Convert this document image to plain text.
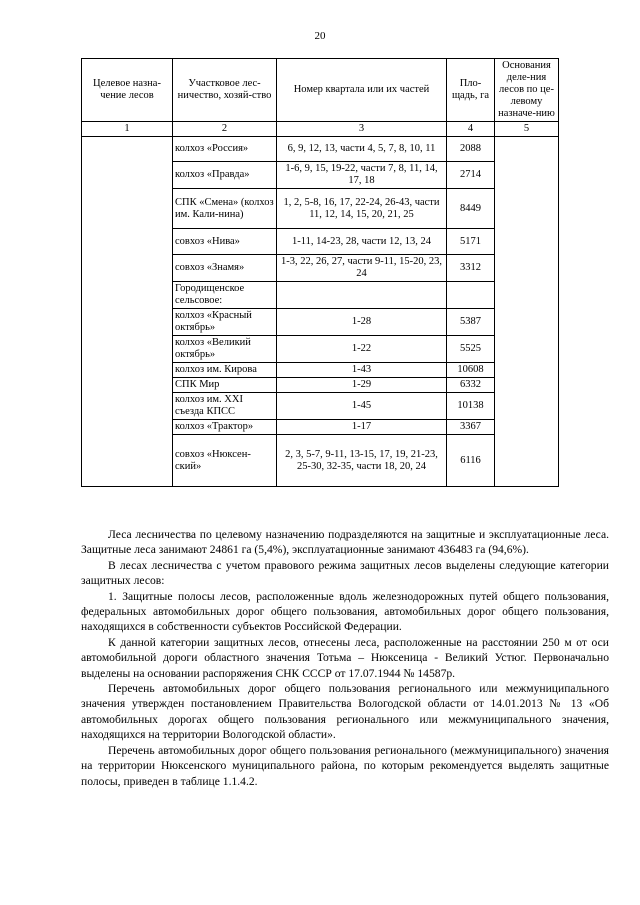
20
Целевое назна-чение лесов	Участковое лес-ничество, хозяй-ство	Номер квартала или их частей	Пло-щадь, га	Основания деле-ния лесов по це-левому назначе-нию
1	2	3	4	5
	колхоз «Россия»	6, 9, 12, 13, части 4, 5, 7, 8, 10, 11	2088	
	колхоз «Правда»	1-6, 9, 15, 19-22, части 7, 8, 11, 14, 17, 18	2714	
	СПК «Смена» (колхоз им. Кали-нина)	1, 2, 5-8, 16, 17, 22-24, 26-43, части 11, 12, 14, 15, 20, 21, 25	8449	
	совхоз «Нива»	1-11, 14-23, 28, части 12, 13, 24	5171	
	совхоз «Знамя»	1-3, 22, 26, 27, части 9-11, 15-20, 23, 24	3312	
	Городищенское сельсовое:			
	колхоз «Красный октябрь»	1-28	5387	
	колхоз «Великий октябрь»	1-22	5525	
	колхоз им. Кирова	1-43	10608	
	СПК Мир	1-29	6332	
	колхоз им. XXI съезда КПСС	1-45	10138	
	колхоз «Трактор»	1-17	3367	
	совхоз «Нюксен-ский»	2, 3, 5-7, 9-11, 13-15, 17, 19, 21-23, 25-30, 32-35, части 18, 20, 24	6116	

Леса лесничества по целевому назначению подразделяются на защитные и эксплуатационные леса. Защитные леса занимают 24861 га (5,4%), эксплуатационные занимают 436483 га (94,6%).

В лесах лесничества с учетом правового режима защитных лесов выделены следующие категории защитных лесов:

1. Защитные полосы лесов, расположенные вдоль железнодорожных путей общего пользования, федеральных автомобильных дорог общего пользования, автомобильных дорог общего пользования, находящихся в собственности субъектов Российской Федерации.

К данной категории защитных лесов, отнесены леса, расположенные на расстоянии 250 м от оси автомобильной дороги областного значения Тотьма – Нюксеница - Великий Устюг. Первоначально выделены на основании распоряжения СНК СССР от 17.07.1944 № 14587р.

Перечень автомобильных дорог общего пользования регионального или межмуниципального значения утвержден постановлением Правительства Вологодской области от 14.01.2013 № 13 «Об автомобильных дорогах общего пользования регионального или межмуниципального значения, находящихся на территории Вологодской области».

Перечень автомобильных дорог общего пользования регионального (межмуниципального) значения на территории Нюксенского муниципального района, по которым рекомендуется выделять защитные полосы, приведен в таблице 1.1.4.2.
